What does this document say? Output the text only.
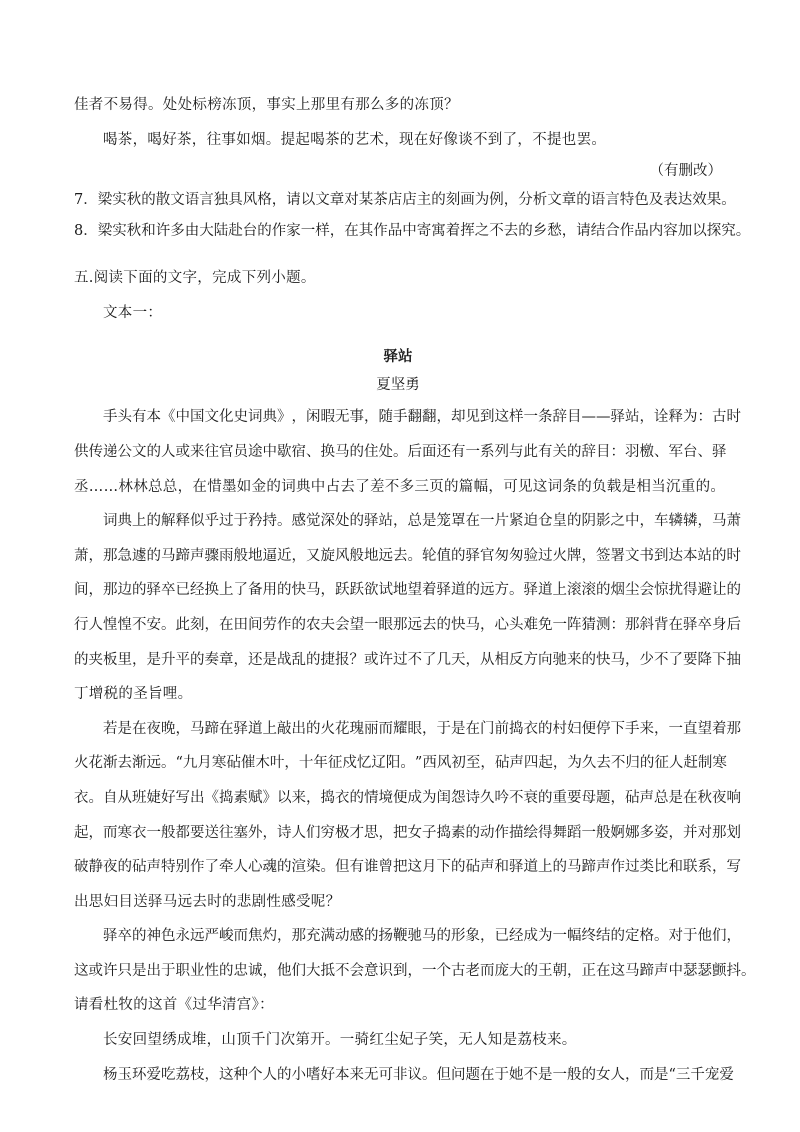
佳者不易得。处处标榜冻顶，事实上那里有那么多的冻顶？
喝茶，喝好茶，往事如烟。提起喝茶的艺术，现在好像谈不到了，不提也罢。
（有删改）
7．梁实秋的散文语言独具风格，请以文章对某茶店店主的刻画为例，分析文章的语言特色及表达效果。
8．梁实秋和许多由大陆赴台的作家一样，在其作品中寄寓着挥之不去的乡愁，请结合作品内容加以探究。
五.阅读下面的文字，完成下列小题。
文本一：
驿站
夏坚勇
手 头 有 本 《 中 国 文 化 史 词 典 》 ， 闲 暇 无 事 ， 随 手 翻 翻 ， 却 见 到 这 样 一 条 辞 目 — — 驿 站 ， 诠 释 为 ： 古 时
供 传 递 公 文 的 人 或 来 往 官 员 途 中 歇 宿 、 换 马 的 住 处 。 后 面 还 有 一 系 列 与 此 有 关 的 辞 目 ： 羽 檄 、 军 台 、 驿
丞……林林总总，在惜墨如金的词典中占去了差不多三页的篇幅，可见这词条的负载是相当沉重的。
词 典 上 的 解 释 似 乎 过 于 矜 持 。 感 觉 深 处 的 驿 站 ， 总 是 笼 罩 在 一 片 紧 迫 仓 皇 的 阴 影 之 中 ， 车 辚 辚 ， 马 萧
萧 ， 那 急 遽 的 马 蹄 声 骤 雨 般 地 逼 近 ， 又 旋 风 般 地 远 去 。 轮 值 的 驿 官 匆 匆 验 过 火 牌 ， 签 署 文 书 到 达 本 站 的 时
间 ， 那 边 的 驿 卒 已 经 换 上 了 备 用 的 快 马 ， 跃 跃 欲 试 地 望 着 驿 道 的 远 方 。 驿 道 上 滚 滚 的 烟 尘 会 惊 扰 得 避 让 的
行 人 惶 惶 不 安 。 此 刻 ， 在 田 间 劳 作 的 农 夫 会 望 一 眼 那 远 去 的 快 马 ， 心 头 难 免 一 阵 猜 测 ： 那 斜 背 在 驿 卒 身 后
的 夹 板 里 ， 是 升 平 的 奏 章 ， 还 是 战 乱 的 捷 报 ？ 或 许 过 不 了 几 天 ， 从 相 反 方 向 驰 来 的 快 马 ， 少 不 了 要 降 下 抽
丁增税的圣旨哩。
若 是 在 夜 晚 ， 马 蹄 在 驿 道 上 敲 出 的 火 花 瑰 丽 而 耀 眼 ， 于 是 在 门 前 捣 衣 的 村 妇 便 停 下 手 来 ， 一 直 望 着 那
火 花 渐 去 渐 远 。 “ 九 月 寒 砧 催 木 叶 ， 十 年 征 戍 忆 辽 阳 。 ” 西 风 初 至 ， 砧 声 四 起 ， 为 久 去 不 归 的 征 人 赶 制 寒
衣 。 自 从 班 婕 好 写 出 《 捣 素 赋 》 以 来 ， 捣 衣 的 情 境 便 成 为 闺 怨 诗 久 吟 不 衰 的 重 要 母 题 ， 砧 声 总 是 在 秋 夜 响
起 ， 而 寒 衣 一 般 都 要 送 往 塞 外 ， 诗 人 们 穷 极 才 思 ， 把 女 子 捣 素 的 动 作 描 绘 得 舞 蹈 一 般 婀 娜 多 姿 ， 并 对 那 划
破 静 夜 的 砧 声 特 别 作 了 牵 人 心 魂 的 渲 染 。 但 有 谁 曾 把 这 月 下 的 砧 声 和 驿 道 上 的 马 蹄 声 作 过 类 比 和 联 系 ， 写
出思妇目送驿马远去时的悲剧性感受呢？
驿 卒 的 神 色 永 远 严 峻 而 焦 灼 ， 那 充 满 动 感 的 扬 鞭 驰 马 的 形 象 ， 已 经 成 为 一 幅 终 结 的 定 格 。 对 于 他 们 ，
这 或 许 只 是 出 于 职 业 性 的 忠 诚 ， 他 们 大 抵 不 会 意 识 到 ， 一 个 古 老 而 庞 大 的 王 朝 ， 正 在 这 马 蹄 声 中 瑟 瑟 颤 抖 。
请看杜牧的这首《过华清宫》：
长安回望绣成堆，山顶千门次第开。一骑红尘妃子笑，无人知是荔枝来。
杨 玉 环 爱 吃 荔 枝 ， 这 种 个 人 的 小 嗜 好 本 来 无 可 非 议 。 但 问 题 在 于 她 不 是 一 般 的 女 人 ， 而 是 “ 三 千 宠 爱
